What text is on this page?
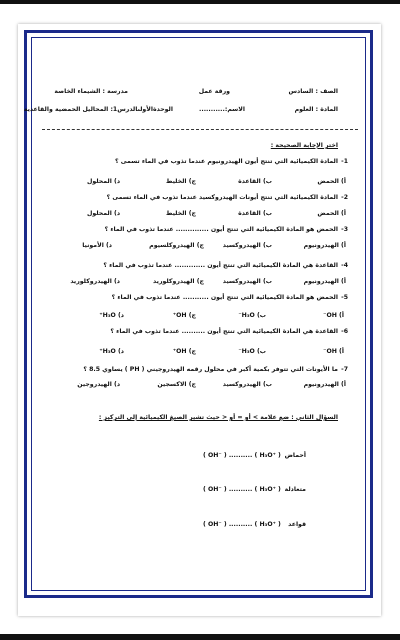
الصف : السادس
ورقة عمل
مدرسة : الشيماء الخاصة
المادة : العلوم
الاسم:...........
الوحدةالأولىالدرس1: المحاليل الحمضية والقاعدية
اختر الإجابة الصحيحة :
1-
المادة الكيميائية التي تنتج أيون الهيدرونيوم عندما تذوب في الماء تسمى ؟
أ) الحمض
ب) القاعدة
ج) الخليط
د) المحلول
2-
المادة الكيميائية التي تنتج أيونات الهيدروكسيد عندما تذوب في الماء تسمى ؟
أ) الحمض
ب) القاعدة
ج) الخليط
د) المحلول
3-
الحمض هو المادة الكيميائية التي تنتج أيون .............. عندما تذوب في الماء ؟
أ) الهيدرونيوم
ب) الهيدروكسيد
ج) الهيدروكلسيوم
د) الأمونيا
4-
القاعدة هي المادة الكيميائية التي تنتج أيون ............. عندما تذوب في الماء ؟
أ) الهيدرونيوم
ب) الهيدروكسيد
ج) الهيدروكلوريد
د) الهيدروكلوريد
5-
الحمض هو المادة الكيميائية التي تنتج أيون ........... عندما تذوب في الماء ؟
أ) OH⁻
ب) H₃O⁻
ج) OH⁺
د) H₃O⁺
6-
القاعدة هي المادة الكيميائية التي تنتج أيون .......... عندما تذوب في الماء ؟
أ) OH⁻
ب) H₃O⁻
ج) OH⁺
د) H₃O⁺
7-
ما الأيونات التي تتوفر بكمية أكبر في محلول رقمه الهيدروجيني ( PH ) يساوي 8.5 ؟
أ) الهيدرونيوم
ب) الهيدروكسيد
ج) الاكسجين
د) الهيدروجين
السؤال الثاني : ضع علامة > أو = أو < حيث تشير الصيغ الكيميائية إلى التركيز :
أحماض
( OH⁻ ) .......... ( H₃O⁺ )
متعادلة
( OH⁻ ) .......... ( H₃O⁺ )
قواعد
( OH⁻ ) .......... ( H₃O⁺ )
